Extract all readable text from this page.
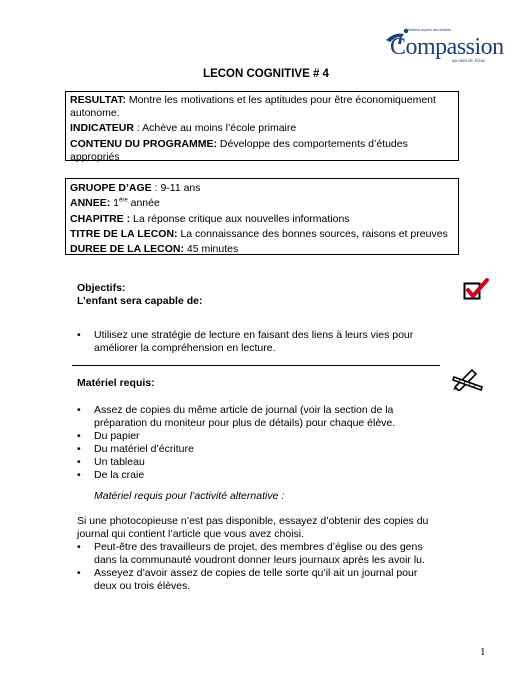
Ministère auprès des enfants
Compassion
au nom de Jésus
LECON COGNITIVE # 4

RESULTAT: Montre les motivations et les aptitudes pour être économiquement autonome.

INDICATEUR : Achève au moins l’école primaire

CONTENU DU PROGRAMME: Développe des comportements d’études appropriés

GRUOPE D’AGE : 9-11 ans

ANNEE: 1ère année

CHAPITRE : La réponse critique aux nouvelles informations

TITRE DE LA LECON: La connaissance des bonnes sources, raisons et preuves

DUREE DE LA LECON: 45 minutes

Objectifs:
L’enfant sera capable de:
• Utilisez une stratégie de lecture en faisant des liens à leurs vies pour améliorer la compréhension en lecture.
Matériel requis:
• Assez de copies du même article de journal (voir la section de la préparation du moniteur pour plus de détails) pour chaque élève.
• Du papier
• Du matériel d’écriture
• Un tableau
• De la craie
Matériel requis pour l’activité alternative :
Si une photocopieuse n’est pas disponible, essayez d’obtenir des copies du journal qui contient l’article que vous avez choisi.
• Peut-être des travailleurs de projet, des membres d’église ou des gens dans la communauté voudront donner leurs journaux après les avoir lu.
• Asseyez d’avoir assez de copies de telle sorte qu’il ait un journal pour deux ou trois élèves.
1
